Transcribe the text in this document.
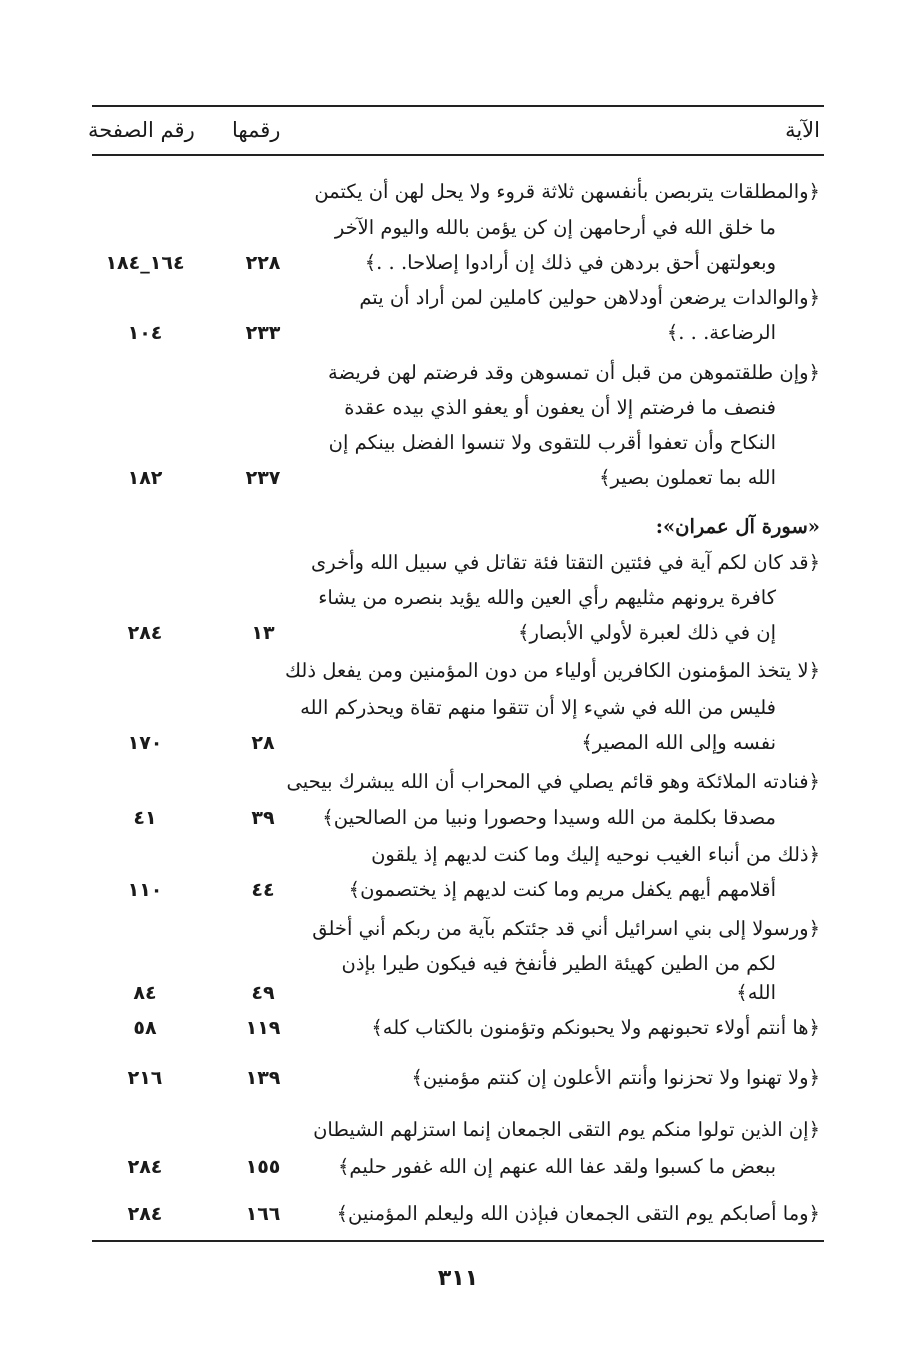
رقم الصفحة رقمها	الآية
﴿والمطلقات يتربصن بأنفسهن ثلاثة قروء ولا يحل لهن أن يكتمن
ما خلق الله في أرحامهن إن كن يؤمن بالله واليوم الآخر
وبعولتهن أحق بردهن في ذلك إن أرادوا إصلاحا. . .﴾
٢٢٨
١٦٤_١٨٤
﴿والوالدات يرضعن أودلاهن حولين كاملين لمن أراد أن يتم
الرضاعة. . .﴾
٢٣٣
١٠٤
﴿وإن طلقتموهن من قبل أن تمسوهن وقد فرضتم لهن فريضة
فنصف ما فرضتم إلا أن يعفون أو يعفو الذي بيده عقدة
النكاح وأن تعفوا أقرب للتقوى ولا تنسوا الفضل بينكم إن
الله بما تعملون بصير﴾
٢٣٧
١٨٢
«سورة آل عمران»:
﴿قد كان لكم آية في فئتين التقتا فئة تقاتل في سبيل الله وأخرى
كافرة يرونهم مثليهم رأي العين والله يؤيد بنصره من يشاء
إن في ذلك لعبرة لأولي الأبصار﴾
١٣
٢٨٤
﴿لا يتخذ المؤمنون الكافرين أولياء من دون المؤمنين ومن يفعل ذلك
فليس من الله في شيء إلا أن تتقوا منهم تقاة ويحذركم الله
نفسه وإلى الله المصير﴾
٢٨
١٧٠
﴿فنادته الملائكة وهو قائم يصلي في المحراب أن الله يبشرك بيحيى
مصدقا بكلمة من الله وسيدا وحصورا ونبيا من الصالحين﴾
٣٩
٤١
﴿ذلك من أنباء الغيب نوحيه إليك وما كنت لديهم إذ يلقون
أقلامهم أيهم يكفل مريم وما كنت لديهم إذ يختصمون﴾
٤٤
١١٠
﴿ورسولا إلى بني اسرائيل أني قد جئتكم بآية من ربكم أني أخلق
لكم من الطين كهيئة الطير فأنفخ فيه فيكون طيرا بإذن
الله﴾
٤٩
٨٤
﴿ها أنتم أولاء تحبونهم ولا يحبونكم وتؤمنون بالكتاب كله﴾
١١٩
٥٨
﴿ولا تهنوا ولا تحزنوا وأنتم الأعلون إن كنتم مؤمنين﴾
١٣٩
٢١٦
﴿إن الذين تولوا منكم يوم التقى الجمعان إنما استزلهم الشيطان
ببعض ما كسبوا ولقد عفا الله عنهم إن الله غفور حليم﴾
١٥٥
٢٨٤
﴿وما أصابكم يوم التقى الجمعان فبإذن الله وليعلم المؤمنين﴾
١٦٦
٢٨٤
٣١١
